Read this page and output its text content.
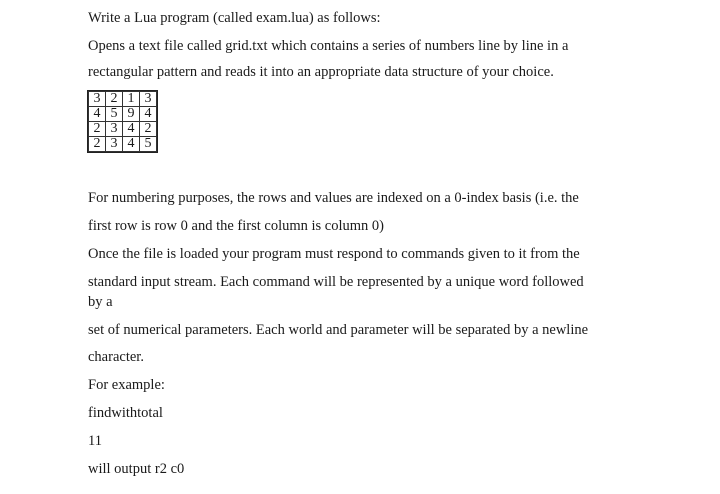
Write a Lua program (called exam.lua) as follows:
Opens a text file called grid.txt which contains a series of numbers line by line in a
rectangular pattern and reads it into an appropriate data structure of your choice.
3	2	1	3
4	5	9	4
2	3	4	2
2	3	4	5
For numbering purposes, the rows and values are indexed on a 0-index basis (i.e. the
first row is row 0 and the first column is column 0)
Once the file is loaded your program must respond to commands given to it from the
standard input stream. Each command will be represented by a unique word followed
by a
set of numerical parameters. Each world and parameter will be separated by a newline
character.
For example:
findwithtotal
11
will output r2 c0
